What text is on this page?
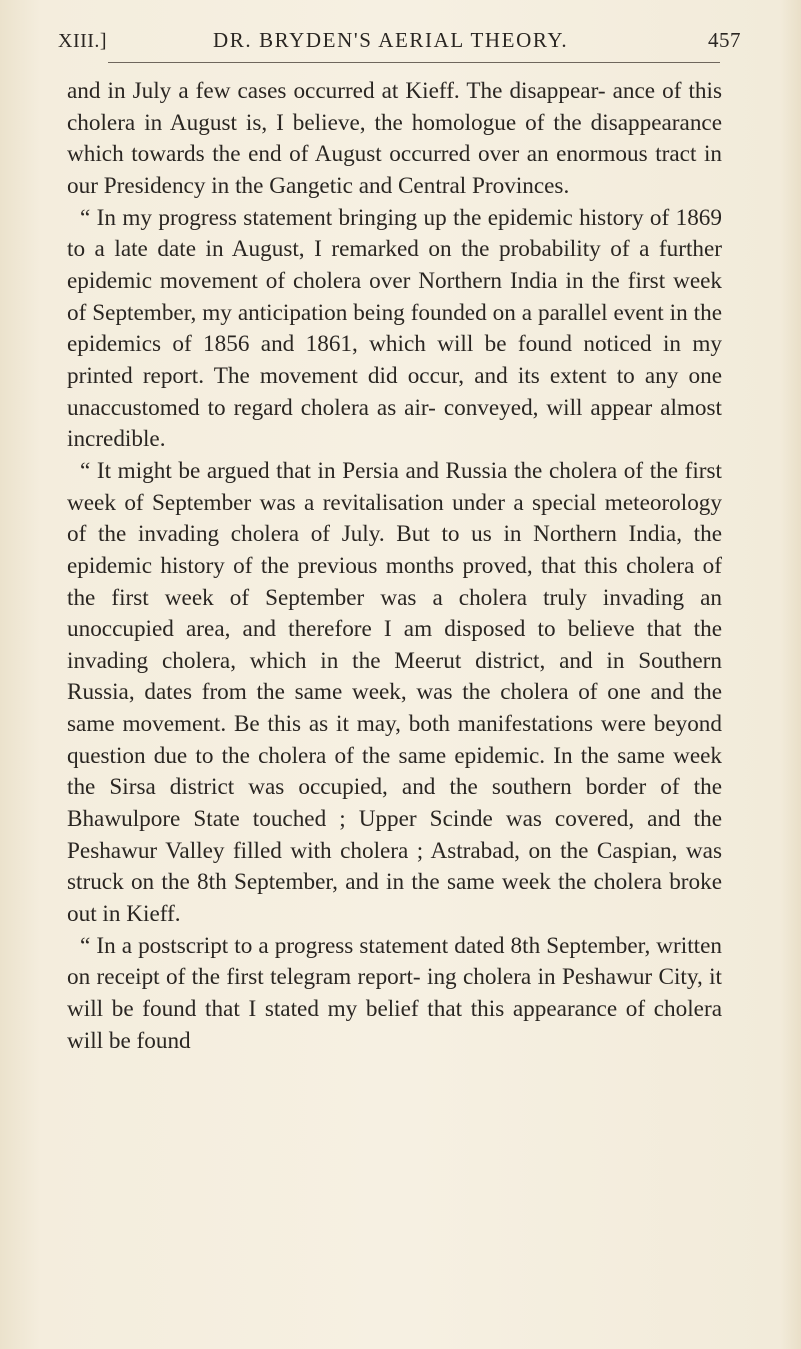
XIII.]	DR. BRYDEN'S AERIAL THEORY.	457

and in July a few cases occurred at Kieff. The disappear- ance of this cholera in August is, I believe, the homologue of the disappearance which towards the end of August occurred over an enormous tract in our Presidency in the Gangetic and Central Provinces.

“ In my progress statement bringing up the epidemic history of 1869 to a late date in August, I remarked on the probability of a further epidemic movement of cholera over Northern India in the first week of September, my anticipation being founded on a parallel event in the epidemics of 1856 and 1861, which will be found noticed in my printed report. The movement did occur, and its extent to any one unaccustomed to regard cholera as air- conveyed, will appear almost incredible.

“ It might be argued that in Persia and Russia the cholera of the first week of September was a revitalisation under a special meteorology of the invading cholera of July. But to us in Northern India, the epidemic history of the previous months proved, that this cholera of the first week of September was a cholera truly invading an unoccupied area, and therefore I am disposed to believe that the invading cholera, which in the Meerut district, and in Southern Russia, dates from the same week, was the cholera of one and the same movement. Be this as it may, both manifestations were beyond question due to the cholera of the same epidemic. In the same week the Sirsa district was occupied, and the southern border of the Bhawulpore State touched ; Upper Scinde was covered, and the Peshawur Valley filled with cholera ; Astrabad, on the Caspian, was struck on the 8th September, and in the same week the cholera broke out in Kieff.

“ In a postscript to a progress statement dated 8th September, written on receipt of the first telegram report- ing cholera in Peshawur City, it will be found that I stated my belief that this appearance of cholera will be found
